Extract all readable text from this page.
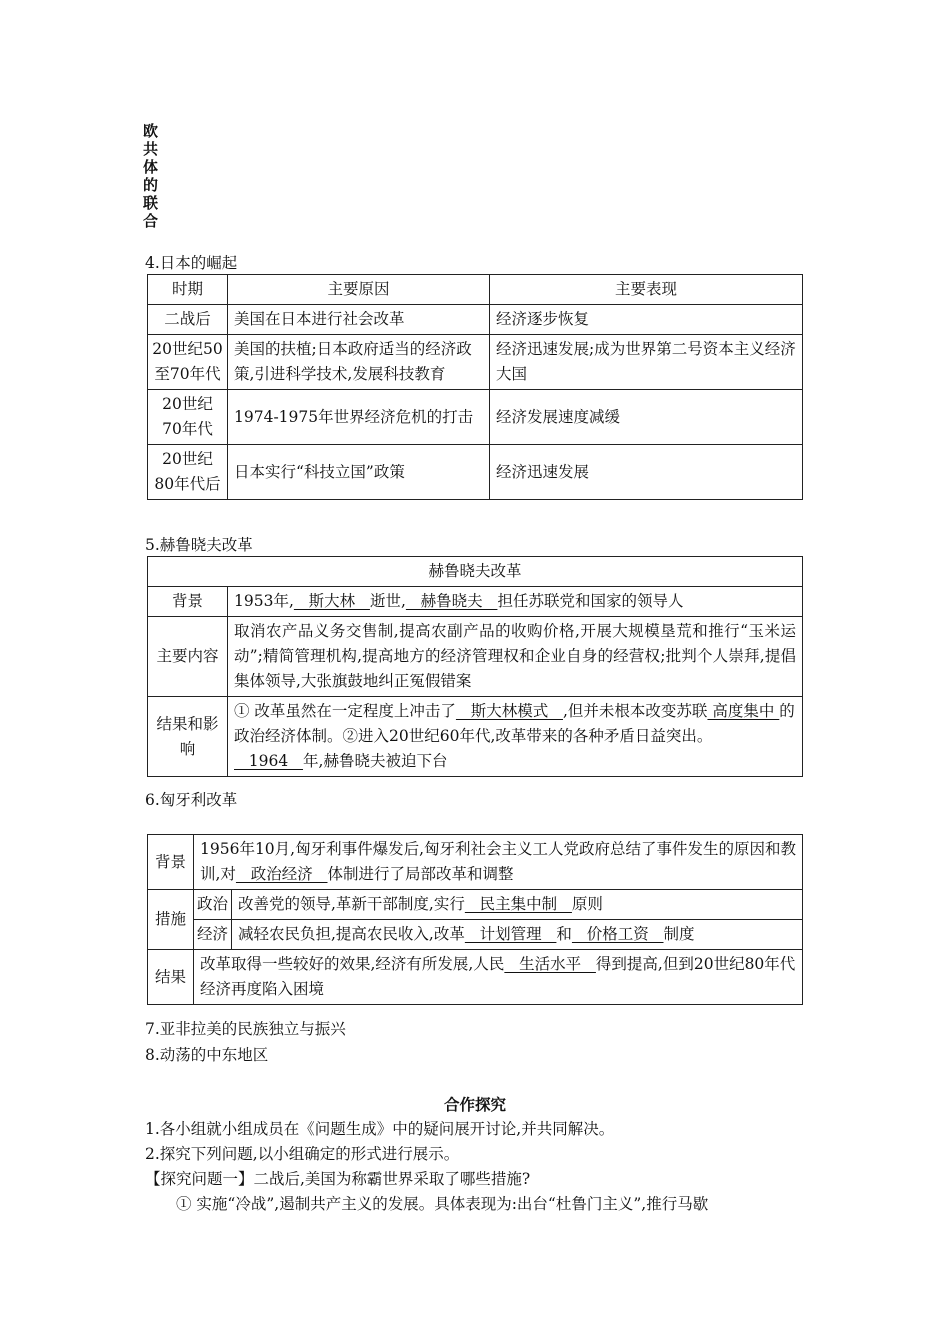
欧
共
体
的
联
合
4.日本的崛起
时期	主要原因	主要表现
二战后	美国在日本进行社会改革	经济逐步恢复
20世纪50至70年代	美国的扶植;日本政府适当的经济政策,引进科学技术,发展科技教育	经济迅速发展;成为世界第二号资本主义经济大国
20世纪70年代	1974-1975年世界经济危机的打击	经济发展速度减缓
20世纪80年代后	日本实行“科技立国”政策	经济迅速发展
5.赫鲁晓夫改革
赫鲁晓夫改革	
背景	1953年,   斯大林   逝世,   赫鲁晓夫   担任苏联党和国家的领导人
主要内容	取消农产品义务交售制,提高农副产品的收购价格,开展大规模垦荒和推行“玉米运动”;精简管理机构,提高地方的经济管理权和企业自身的经营权;批判个人崇拜,提倡集体领导,大张旗鼓地纠正冤假错案
结果和影响	① 改革虽然在一定程度上冲击了   斯大林模式   ,但并未根本改变苏联 高度集中 的政治经济体制。②进入20世纪60年代,改革带来的各种矛盾日益突出。   1964   年,赫鲁晓夫被迫下台
6.匈牙利改革
背景	1956年10月,匈牙利事件爆发后,匈牙利社会主义工人党政府总结了事件发生的原因和教训,对   政治经济   体制进行了局部改革和调整	
措施	政治	改善党的领导,革新干部制度,实行   民主集中制   原则
	经济	减轻农民负担,提高农民收入,改革   计划管理   和   价格工资   制度
结果	改革取得一些较好的效果,经济有所发展,人民   生活水平   得到提高,但到20世纪80年代经济再度陷入困境	
7.亚非拉美的民族独立与振兴
8.动荡的中东地区
合作探究
1.各小组就小组成员在《问题生成》中的疑问展开讨论,并共同解决。
2.探究下列问题,以小组确定的形式进行展示。
【探究问题一】二战后,美国为称霸世界采取了哪些措施?
① 实施“冷战”,遏制共产主义的发展。具体表现为:出台“杜鲁门主义”,推行马歇
